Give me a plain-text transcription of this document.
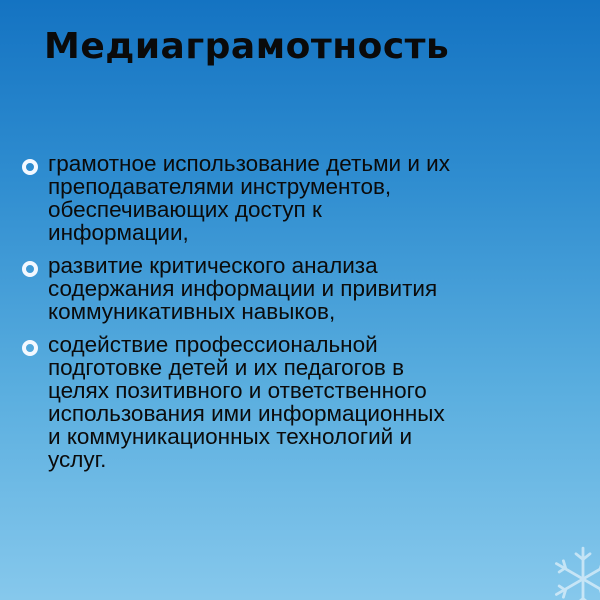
Медиаграмотность
грамотное использование детьми и их
преподавателями инструментов,
обеспечивающих доступ к
информации,
развитие критического анализа
содержания информации и привития
коммуникативных навыков,
содействие профессиональной
подготовке детей и их педагогов в
целях позитивного и ответственного
использования ими информационных
и коммуникационных технологий и
услуг.
